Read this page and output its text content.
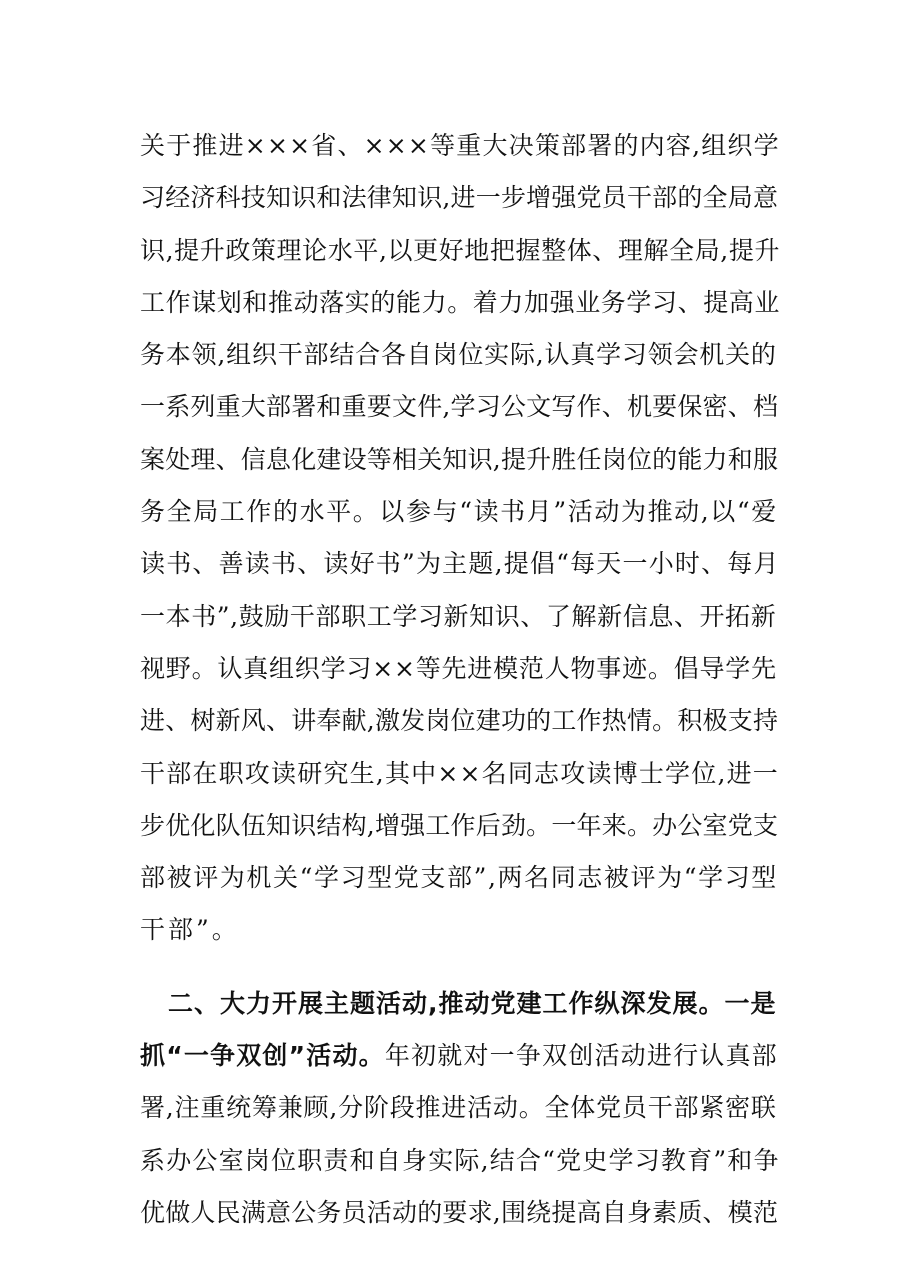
关于推进×××省、×××等重大决策部署的内容,组织学
习经济科技知识和法律知识,进一步增强党员干部的全局意
识,提升政策理论水平,以更好地把握整体、理解全局,提升
工作谋划和推动落实的能力。着力加强业务学习、提高业
务本领,组织干部结合各自岗位实际,认真学习领会机关的
一系列重大部署和重要文件,学习公文写作、机要保密、档
案处理、信息化建设等相关知识,提升胜任岗位的能力和服
务全局工作的水平。以参与“读书月”活动为推动,以“爱
读书、善读书、读好书”为主题,提倡“每天一小时、每月
一本书”,鼓励干部职工学习新知识、了解新信息、开拓新
视野。认真组织学习××等先进模范人物事迹。倡导学先
进、树新风、讲奉献,激发岗位建功的工作热情。积极支持
干部在职攻读研究生,其中××名同志攻读博士学位,进一
步优化队伍知识结构,增强工作后劲。一年来。办公室党支
部被评为机关“学习型党支部”,两名同志被评为“学习型
干部”。
二、大力开展主题活动,推动党建工作纵深发展。一是
抓“一争双创”活动。年初就对一争双创活动进行认真部
署,注重统筹兼顾,分阶段推进活动。全体党员干部紧密联
系办公室岗位职责和自身实际,结合“党史学习教育”和争
优做人民满意公务员活动的要求,围绕提高自身素质、模范
